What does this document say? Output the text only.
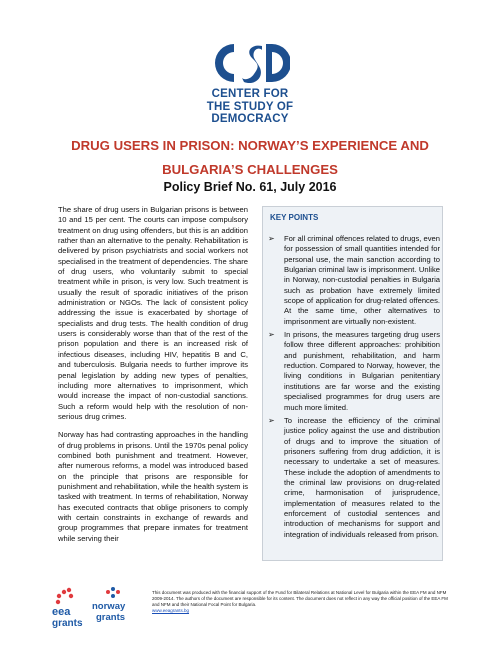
CSD
CENTER FOR
THE STUDY OF
DEMOCRACY
DRUG USERS IN PRISON: NORWAY’S EXPERIENCE AND
BULGARIA’S CHALLENGES
Policy Brief No. 61, July 2016

The share of drug users in Bulgarian prisons is between 10 and 15 per cent. The courts can impose compulsory treatment on drug using offenders, but this is an addition rather than an alternative to the penalty. Rehabilitation is delivered by prison psychiatrists and social workers not specialised in the treatment of dependencies. The share of drug users, who voluntarily submit to special treatment while in prison, is very low. Such treatment is usually the result of sporadic initiatives of the prison administration or NGOs. The lack of consistent policy addressing the issue is exacerbated by shortage of specialists and drug tests. The health condition of drug users is considerably worse than that of the rest of the prison population and there is an increased risk of infectious diseases, including HIV, hepatitis B and C, and tuberculosis. Bulgaria needs to further improve its penal legislation by adding new types of penalties, including more alternatives to imprisonment, which would increase the impact of non-custodial sanctions. Such a reform would help with the resolution of non-serious drug crimes.

Norway has had contrasting approaches in the handling of drug problems in prisons. Until the 1970s penal policy combined both punishment and treatment. However, after numerous reforms, a model was introduced based on the principle that prisons are responsible for punishment and rehabilitation, while the health system is tasked with treatment. In terms of rehabilitation, Norway has executed contracts that oblige prisoners to comply with certain constraints in exchange of rewards and group programmes that prepare inmates for treatment while serving their

KEY POINTS
➢ For all criminal offences related to drugs, even for possession of small quantities intended for personal use, the main sanction according to Bulgarian criminal law is imprisonment. Unlike in Norway, non-custodial penalties in Bulgaria such as probation have extremely limited scope of application for drug-related offences. At the same time, other alternatives to imprisonment are virtually non-existent.
➢ In prisons, the measures targeting drug users follow three different approaches: prohibition and punishment, rehabilitation, and harm reduction. Compared to Norway, however, the living conditions in Bulgarian penitentiary institutions are far worse and the existing specialised programmes for drug users are much more limited.
➢ To increase the efficiency of the criminal justice policy against the use and distribution of drugs and to improve the situation of prisoners suffering from drug addiction, it is necessary to undertake a set of measures. These include the adoption of amendments to the criminal law provisions on drug-related crime, harmonisation of jurisprudence, implementation of measures related to the enforcement of custodial sentences and introduction of mechanisms for support and integration of individuals released from prison.
eea
grants
norway
grants
This document was produced with the financial support of the Fund for Bilateral Relations at National Level for Bulgaria within the EEA FM and NFM 2009-2014. The authors of the document are responsible for its content. The document does not reflect in any way the official position of the EEA FM and NFM and their National Focal Point for Bulgaria.
www.eeagrants.bg
